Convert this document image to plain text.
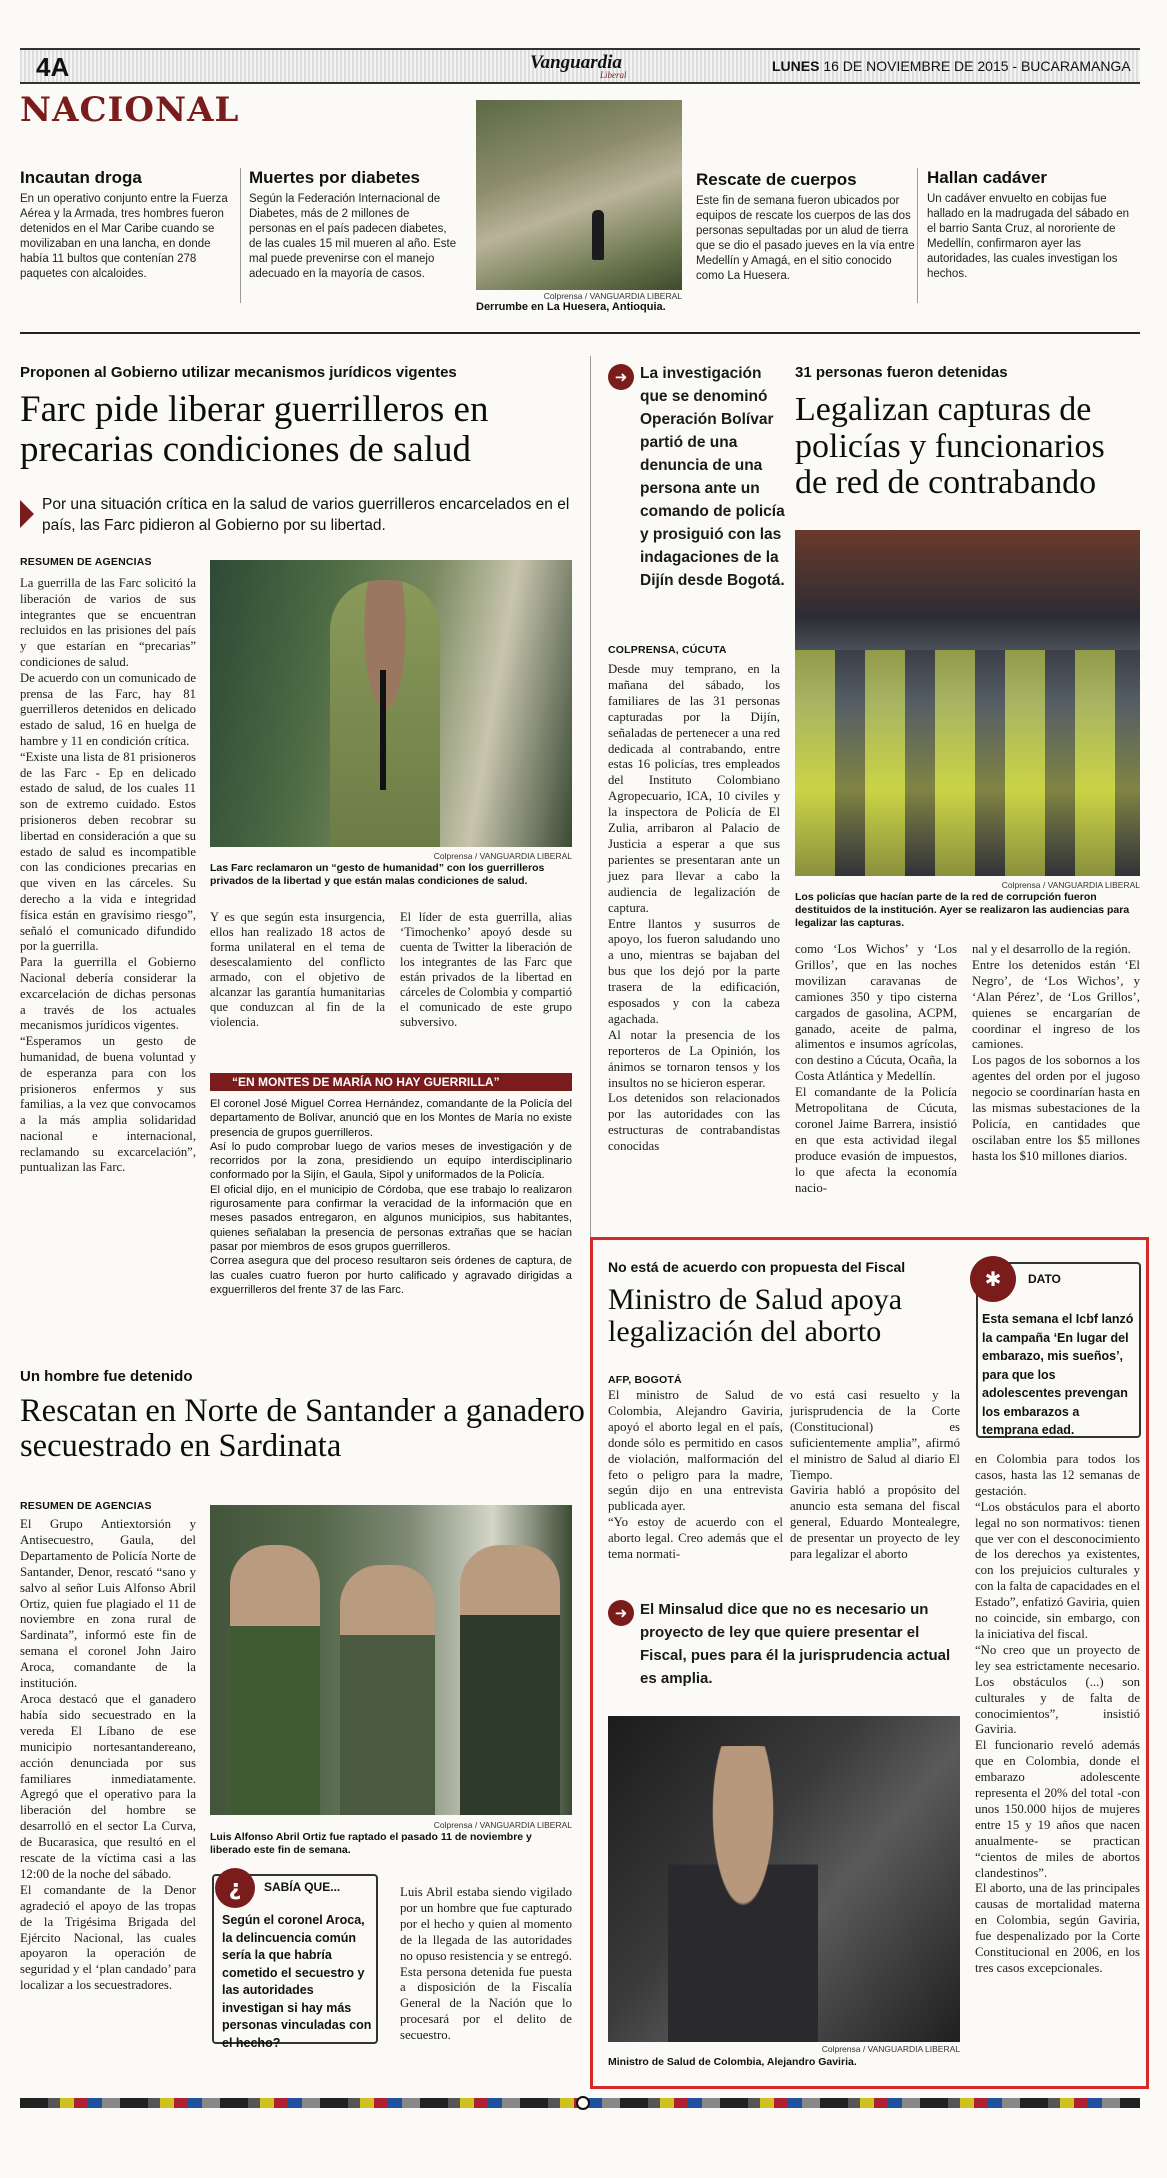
4A	Vanguardia
Liberal
LUNES 16 DE NOVIEMBRE DE 2015 - BUCARAMANGA
NACIONAL
Incautan droga
En un operativo conjunto entre la Fuerza Aérea y la Armada, tres hombres fueron detenidos en el Mar Caribe cuando se movilizaban en una lancha, en donde había 11 bultos que contenían 278 paquetes con alcaloides.
Muertes por diabetes
Según la Federación Internacional de Diabetes, más de 2 millones de personas en el país padecen diabetes, de las cuales 15 mil mueren al año. Este mal puede prevenirse con el manejo adecuado en la mayoría de casos.
Colprensa / VANGUARDIA LIBERAL
Derrumbe en La Huesera, Antioquia.
Rescate de cuerpos
Este fin de semana fueron ubicados por equipos de rescate los cuerpos de las dos personas sepultadas por un alud de tierra que se dio el pasado jueves en la vía entre Medellín y Amagá, en el sitio conocido como La Huesera.
Hallan cadáver
Un cadáver envuelto en cobijas fue hallado en la madrugada del sábado en el barrio Santa Cruz, al nororiente de Medellín, confirmaron ayer las autoridades, las cuales investigan los hechos.
Proponen al Gobierno utilizar mecanismos jurídicos vigentes
Farc pide liberar guerrilleros en precarias condiciones de salud
Por una situación crítica en la salud de varios guerrilleros encarcelados en el país, las Farc pidieron al Gobierno por su libertad.
RESUMEN DE AGENCIAS
La guerrilla de las Farc solicitó la liberación de varios de sus integrantes que se encuentran recluidos en las prisiones del país y que estarían en “precarias” condiciones de salud.
De acuerdo con un comunicado de prensa de las Farc, hay 81 guerrilleros detenidos en delicado estado de salud, 16 en huelga de hambre y 11 en condición crítica.
“Existe una lista de 81 prisioneros de las Farc - Ep en delicado estado de salud, de los cuales 11 son de extremo cuidado. Estos prisioneros deben recobrar su libertad en consideración a que su estado de salud es incompatible con las condiciones precarias en que viven en las cárceles. Su derecho a la vida e integridad física están en gravísimo riesgo”, señaló el comunicado difundido por la guerrilla.
Para la guerrilla el Gobierno Nacional debería considerar la excarcelación de dichas personas a través de los actuales mecanismos jurídicos vigentes.
“Esperamos un gesto de humanidad, de buena voluntad y de esperanza para con los prisioneros enfermos y sus familias, a la vez que convocamos a la más amplia solidaridad nacional e internacional, reclamando su excarcelación”, puntualizan las Farc.
Colprensa / VANGUARDIA LIBERAL
Las Farc reclamaron un “gesto de humanidad” con los guerrilleros privados de la libertad y que están malas condiciones de salud.
Y es que según esta insurgencia, ellos han realizado 18 actos de forma unilateral en el tema de desescalamiento del conflicto armado, con el objetivo de alcanzar las garantía humanitarias que conduzcan al fin de la violencia.
El líder de esta guerrilla, alias ‘Timochenko’ apoyó desde su cuenta de Twitter la liberación de los integrantes de las Farc que están privados de la libertad en cárceles de Colombia y compartió el comunicado de este grupo subversivo.
“EN MONTES DE MARÍA NO HAY GUERRILLA”
El coronel José Miguel Correa Hernández, comandante de la Policía del departamento de Bolívar, anunció que en los Montes de María no existe presencia de grupos guerrilleros.
Así lo pudo comprobar luego de varios meses de investigación y de recorridos por la zona, presidiendo un equipo interdisciplinario conformado por la Sijín, el Gaula, Sipol y uniformados de la Policía.
El oficial dijo, en el municipio de Córdoba, que ese trabajo lo realizaron rigurosamente para confirmar la veracidad de la información que en meses pasados entregaron, en algunos municipios, sus habitantes, quienes señalaban la presencia de personas extrañas que se hacían pasar por miembros de esos grupos guerrilleros.
Correa asegura que del proceso resultaron seis órdenes de captura, de las cuales cuatro fueron por hurto calificado y agravado dirigidas a exguerrilleros del frente 37 de las Farc.
➜ La investigación que se denominó Operación Bolívar partió de una denuncia de una persona ante un comando de policía y prosiguió con las indagaciones de la Dijín desde Bogotá.
COLPRENSA, CÚCUTA
Desde muy temprano, en la mañana del sábado, los familiares de las 31 personas capturadas por la Dijín, señaladas de pertenecer a una red dedicada al contrabando, entre estas 16 policías, tres empleados del Instituto Colombiano Agropecuario, ICA, 10 civiles y la inspectora de Policía de El Zulia, arribaron al Palacio de Justicia a esperar a que sus parientes se presentaran ante un juez para llevar a cabo la audiencia de legalización de captura.
Entre llantos y susurros de apoyo, los fueron saludando uno a uno, mientras se bajaban del bus que los dejó por la parte trasera de la edificación, esposados y con la cabeza agachada.
Al notar la presencia de los reporteros de La Opinión, los ánimos se tornaron tensos y los insultos no se hicieron esperar.
Los detenidos son relacionados por las autoridades con las estructuras de contrabandistas conocidas
31 personas fueron detenidas
Legalizan capturas de policías y funcionarios de red de contrabando
Colprensa / VANGUARDIA LIBERAL
Los policías que hacían parte de la red de corrupción fueron destituidos de la institución. Ayer se realizaron las audiencias para legalizar las capturas.
como ‘Los Wichos’ y ‘Los Grillos’, que en las noches movilizan caravanas de camiones 350 y tipo cisterna cargados de gasolina, ACPM, ganado, aceite de palma, alimentos e insumos agrícolas, con destino a Cúcuta, Ocaña, la Costa Atlántica y Medellín.
El comandante de la Policía Metropolitana de Cúcuta, coronel Jaime Barrera, insistió en que esta actividad ilegal produce evasión de impuestos, lo que afecta la economía nacio-
nal y el desarrollo de la región.
Entre los detenidos están ‘El Negro’, de ‘Los Wichos’, y ‘Alan Pérez’, de ‘Los Grillos’, quienes se encargarían de coordinar el ingreso de los camiones.
Los pagos de los sobornos a los agentes del orden por el jugoso negocio se coordinarían hasta en las mismas subestaciones de la Policía, en cantidades que oscilaban entre los $5 millones hasta los $10 millones diarios.
Un hombre fue detenido
Rescatan en Norte de Santander a ganadero secuestrado en Sardinata
RESUMEN DE AGENCIAS
El Grupo Antiextorsión y Antisecuestro, Gaula, del Departamento de Policía Norte de Santander, Denor, rescató “sano y salvo al señor Luis Alfonso Abril Ortiz, quien fue plagiado el 11 de noviembre en zona rural de Sardinata”, informó este fin de semana el coronel John Jairo Aroca, comandante de la institución.
Aroca destacó que el ganadero había sido secuestrado en la vereda El Líbano de ese municipio nortesantandereano, acción denunciada por sus familiares inmediatamente. Agregó que el operativo para la liberación del hombre se desarrolló en el sector La Curva, de Bucarasica, que resultó en el rescate de la víctima casi a las 12:00 de la noche del sábado.
El comandante de la Denor agradeció el apoyo de las tropas de la Trigésima Brigada del Ejército Nacional, las cuales apoyaron la operación de seguridad y el ‘plan candado’ para localizar a los secuestradores.
Colprensa / VANGUARDIA LIBERAL
Luis Alfonso Abril Ortiz fue raptado el pasado 11 de noviembre y liberado este fin de semana.
¿	SABÍA QUE...
Según el coronel Aroca, la delincuencia común sería la que habría cometido el secuestro y las autoridades investigan si hay más personas vinculadas con el hecho?
Luis Abril estaba siendo vigilado por un hombre que fue capturado por el hecho y quien al momento de la llegada de las autoridades no opuso resistencia y se entregó. Esta persona detenida fue puesta a disposición de la Fiscalía General de la Nación que lo procesará por el delito de secuestro.
No está de acuerdo con propuesta del Fiscal
Ministro de Salud apoya legalización del aborto
✱	DATO
Esta semana el Icbf lanzó la campaña ‘En lugar del embarazo, mis sueños’, para que los adolescentes prevengan los embarazos a temprana edad.
AFP, BOGOTÁ
El ministro de Salud de Colombia, Alejandro Gaviria, apoyó el aborto legal en el país, donde sólo es permitido en casos de violación, malformación del feto o peligro para la madre, según dijo en una entrevista publicada ayer.
“Yo estoy de acuerdo con el aborto legal. Creo además que el tema normati-
vo está casi resuelto y la jurisprudencia de la Corte (Constitucional) es suficientemente amplia”, afirmó el ministro de Salud al diario El Tiempo.
Gaviria habló a propósito del anuncio esta semana del fiscal general, Eduardo Montealegre, de presentar un proyecto de ley para legalizar el aborto
➜ El Minsalud dice que no es necesario un proyecto de ley que quiere presentar el Fiscal, pues para él la jurisprudencia actual es amplia.
Colprensa / VANGUARDIA LIBERAL
Ministro de Salud de Colombia, Alejandro Gaviria.
en Colombia para todos los casos, hasta las 12 semanas de gestación.
“Los obstáculos para el aborto legal no son normativos: tienen que ver con el desconocimiento de los derechos ya existentes, con los prejuicios culturales y con la falta de capacidades en el Estado”, enfatizó Gaviria, quien no coincide, sin embargo, con la iniciativa del fiscal.
“No creo que un proyecto de ley sea estrictamente necesario. Los obstáculos (...) son culturales y de falta de conocimientos”, insistió Gaviria.
El funcionario reveló además que en Colombia, donde el embarazo adolescente representa el 20% del total -con unos 150.000 hijos de mujeres entre 15 y 19 años que nacen anualmente- se practican “cientos de miles de abortos clandestinos”.
El aborto, una de las principales causas de mortalidad materna en Colombia, según Gaviria, fue despenalizado por la Corte Constitucional en 2006, en los tres casos excepcionales.
